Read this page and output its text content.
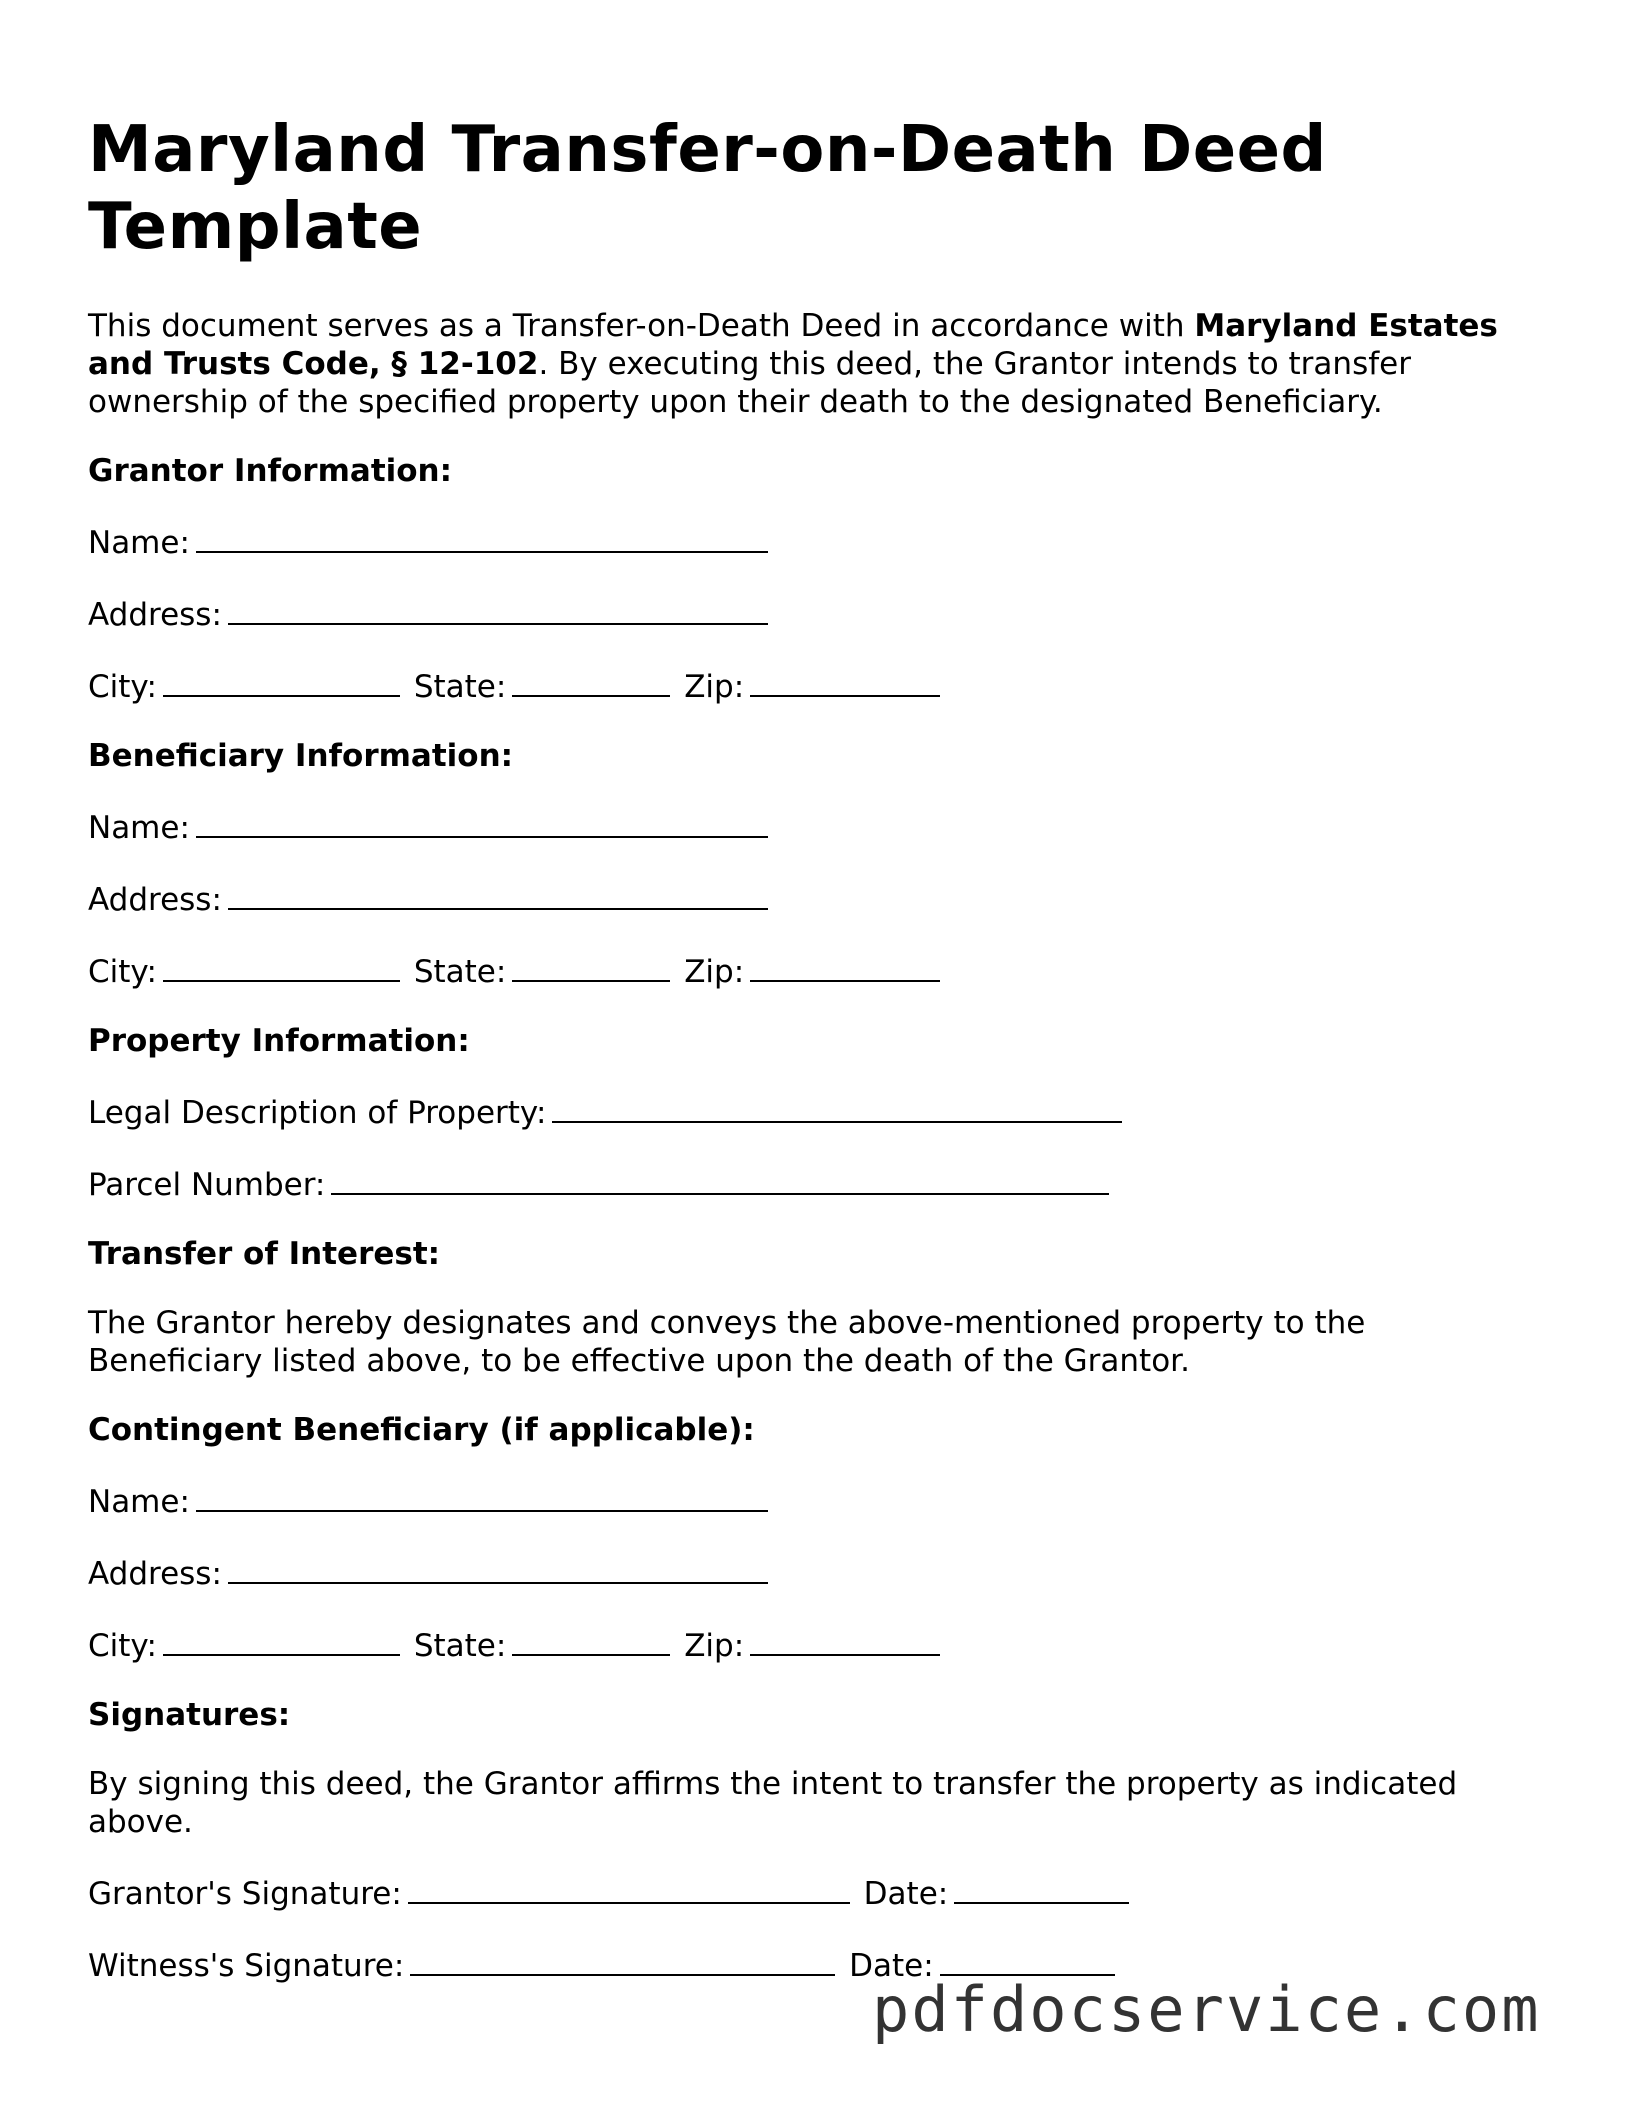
Maryland Transfer-on-Death Deed Template

This document serves as a Transfer-on-Death Deed in accordance with Maryland Estates and Trusts Code, § 12-102. By executing this deed, the Grantor intends to transfer ownership of the specified property upon their death to the designated Beneficiary.

Grantor Information:
Name:
Address:
City:	State:	Zip:
Beneficiary Information:
Name:
Address:
City:	State:	Zip:
Property Information:
Legal Description of Property:
Parcel Number:
Transfer of Interest:

The Grantor hereby designates and conveys the above-mentioned property to the Beneficiary listed above, to be effective upon the death of the Grantor.

Contingent Beneficiary (if applicable):
Name:
Address:
City:	State:	Zip:
Signatures:

By signing this deed, the Grantor affirms the intent to transfer the property as indicated above.

Grantor's Signature:	Date:
Witness's Signature:	Date:
pdfdocservice.com
